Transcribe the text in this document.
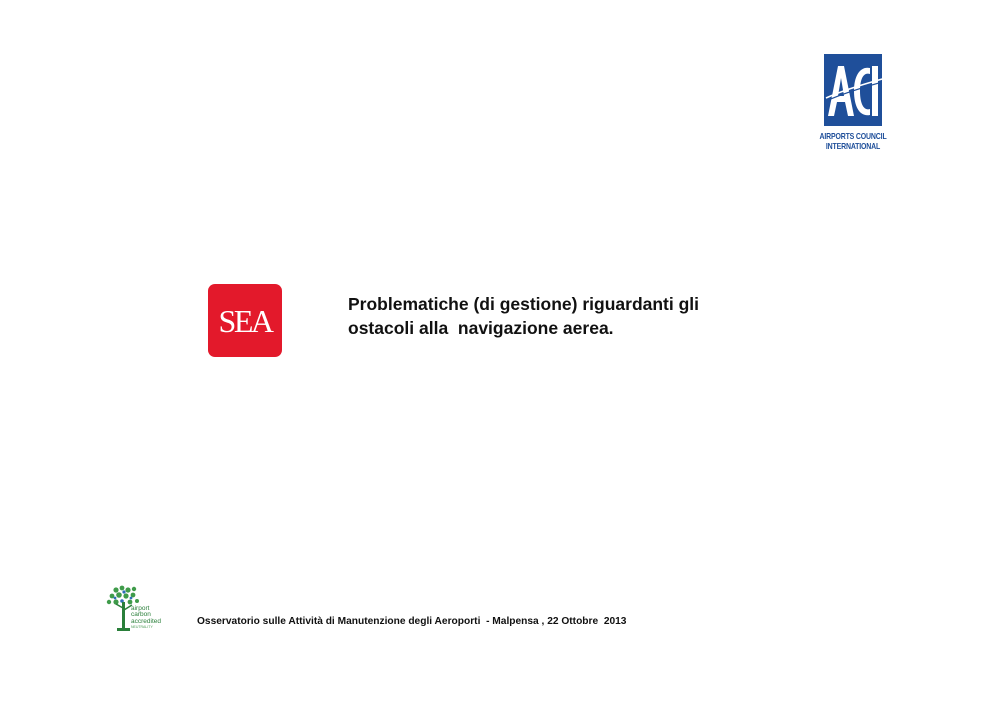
AIRPORTS COUNCIL
INTERNATIONAL
SEA	Problematiche (di gestione) riguardanti gli
ostacoli alla  navigazione aerea.
airport
carbon
accredited
NEUTRALITY
Osservatorio sulle Attività di Manutenzione degli Aeroporti  - Malpensa , 22 Ottobre  2013
